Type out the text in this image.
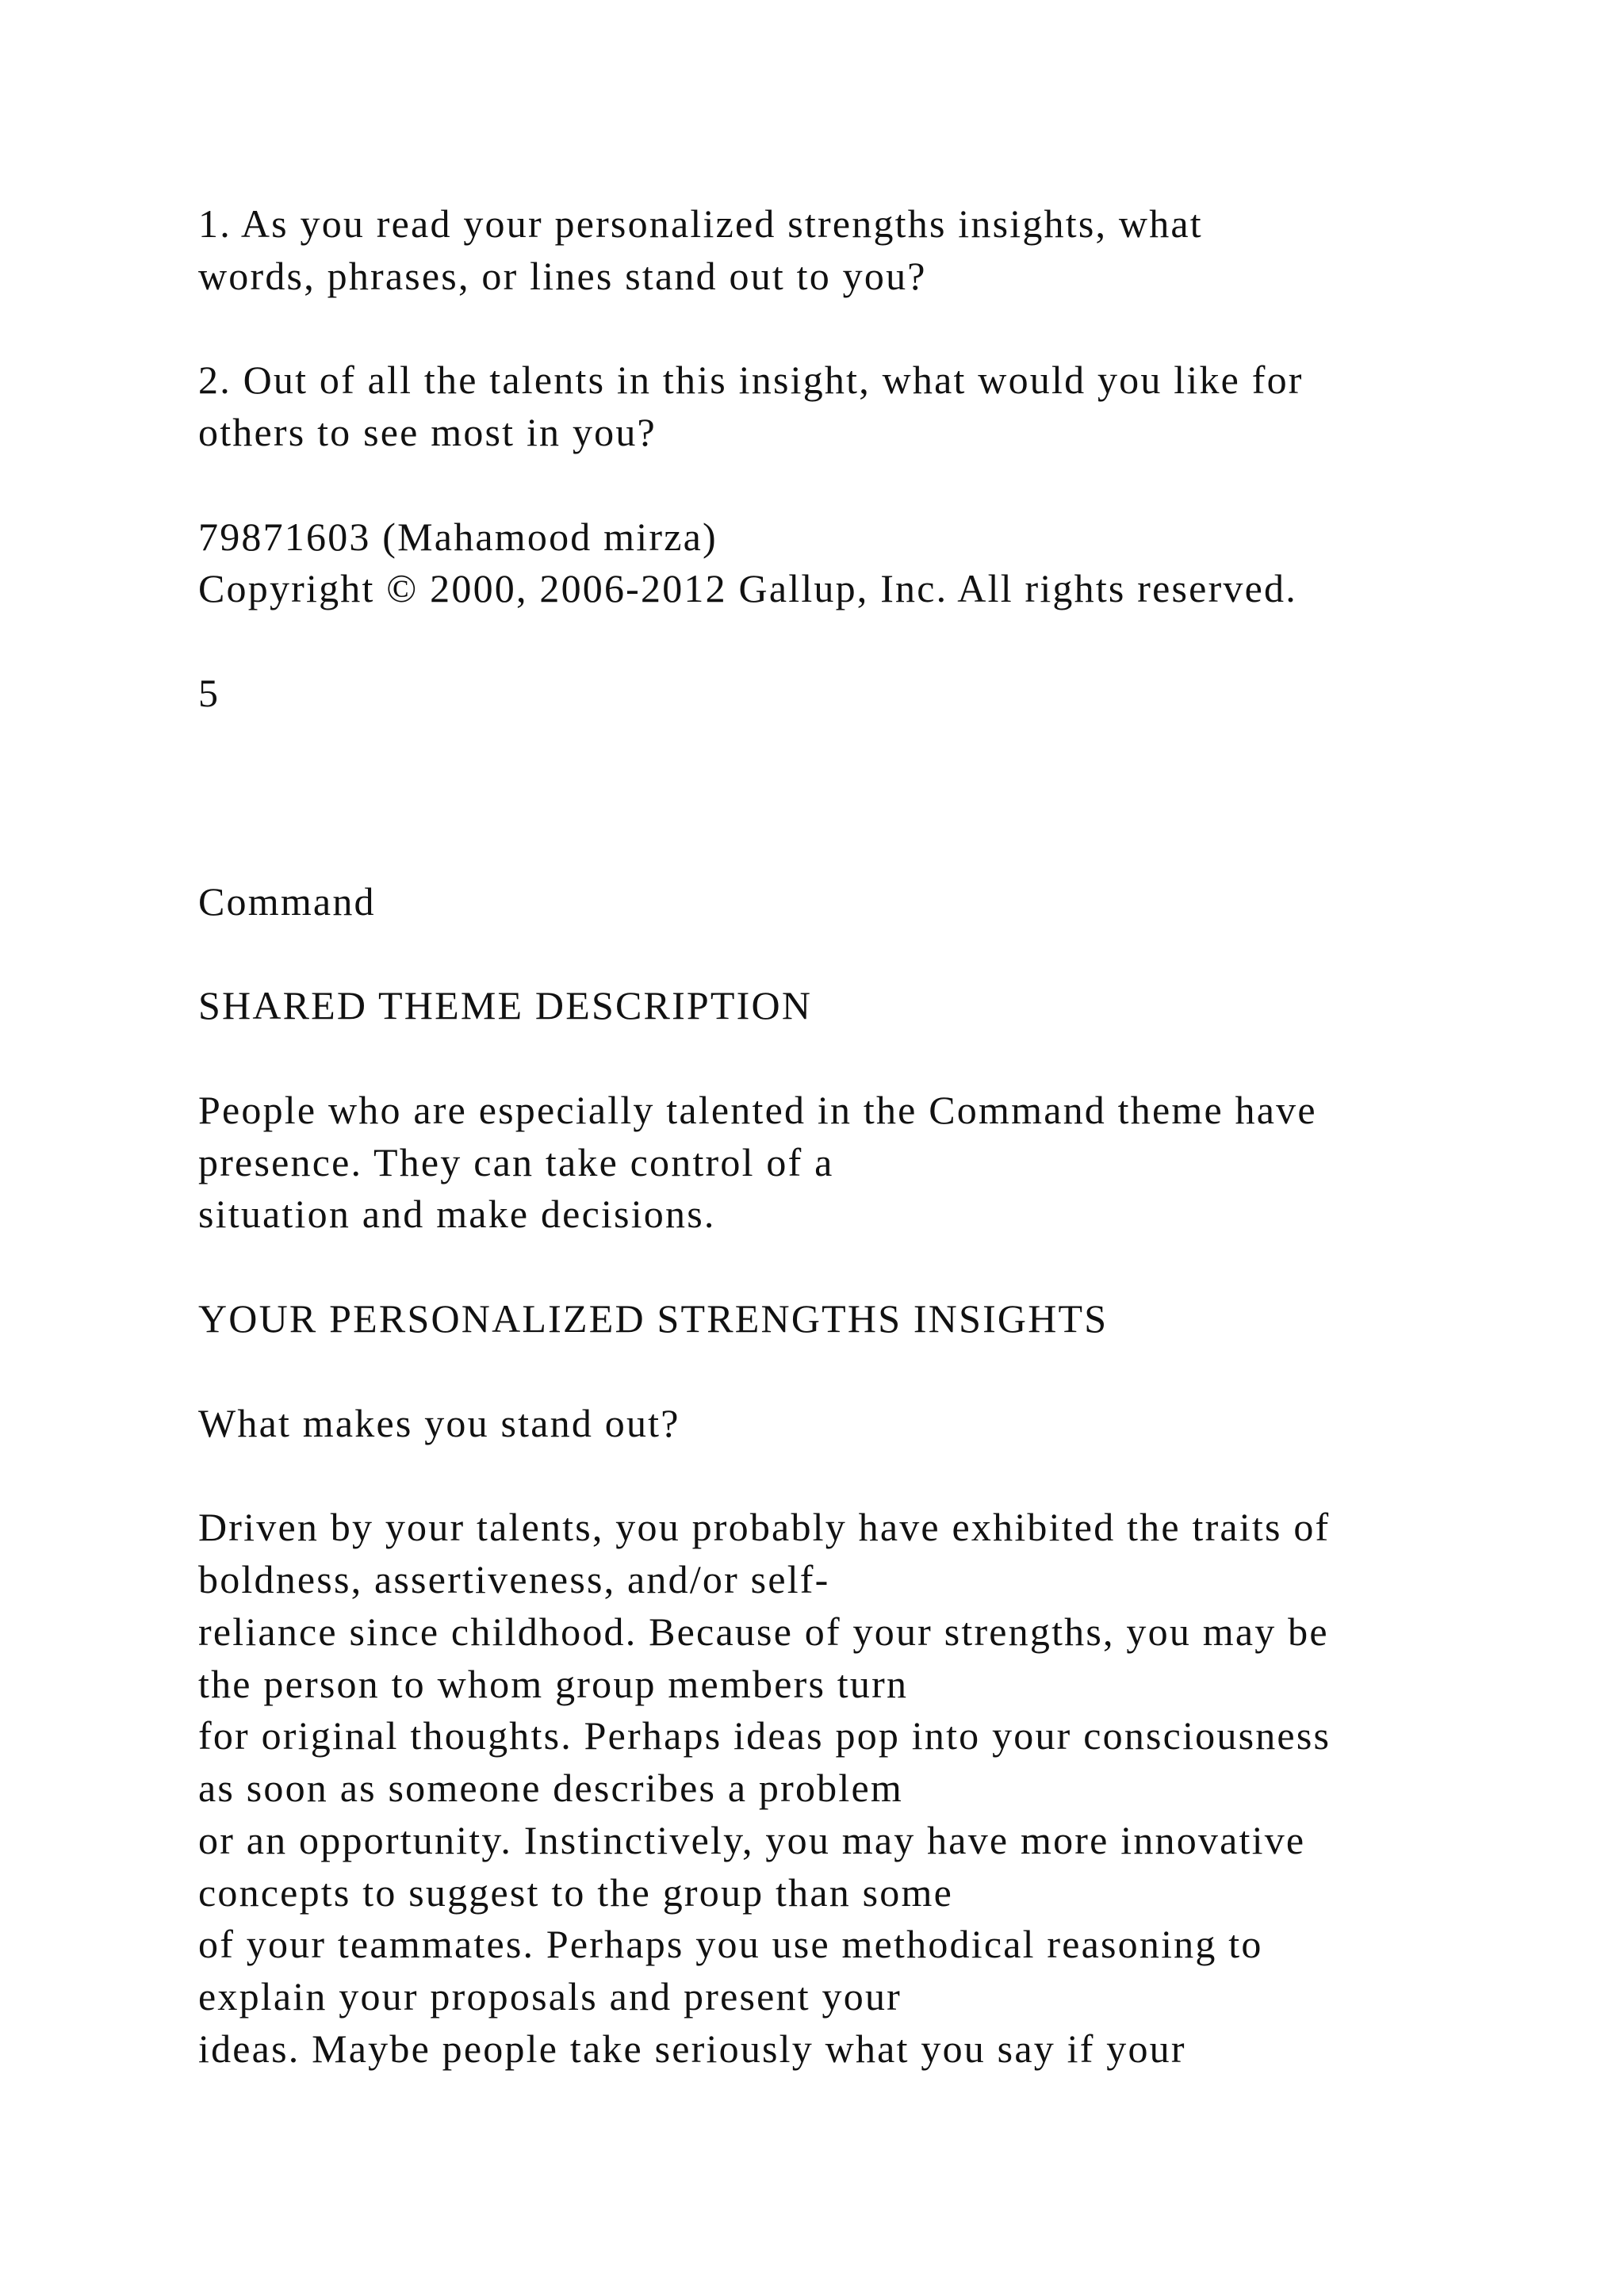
1. As you read your personalized strengths insights, what

words, phrases, or lines stand out to you?

2. Out of all the talents in this insight, what would you like for

others to see most in you?

79871603 (Mahamood mirza)

Copyright © 2000, 2006-2012 Gallup, Inc. All rights reserved.

5

Command

SHARED THEME DESCRIPTION

People who are especially talented in the Command theme have

presence. They can take control of a

situation and make decisions.

YOUR PERSONALIZED STRENGTHS INSIGHTS

What makes you stand out?

Driven by your talents, you probably have exhibited the traits of

boldness, assertiveness, and/or self-

reliance since childhood. Because of your strengths, you may be

the person to whom group members turn

for original thoughts. Perhaps ideas pop into your consciousness

as soon as someone describes a problem

or an opportunity. Instinctively, you may have more innovative

concepts to suggest to the group than some

of your teammates. Perhaps you use methodical reasoning to

explain your proposals and present your

ideas. Maybe people take seriously what you say if your
